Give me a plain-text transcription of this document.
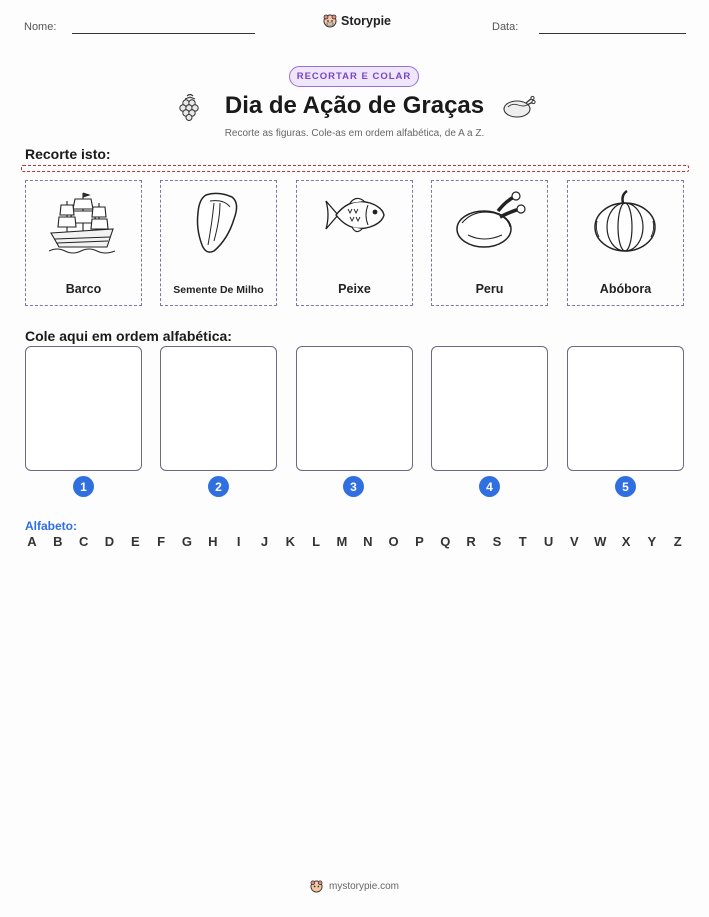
Nome:	Storypie	Data:
RECORTAR E COLAR
Dia de Ação de Graças
Recorte as figuras. Cole-as em ordem alfabética, de A a Z.
Recorte isto:
Barco	Semente De Milho	Peixe	Peru	Abóbora
Cole aqui em ordem alfabética:
1	2	3	4	5
Alfabeto:
A B C D E F G H	I	J K L M N O P Q R S T U V W X Y Z
mystorypie.com
